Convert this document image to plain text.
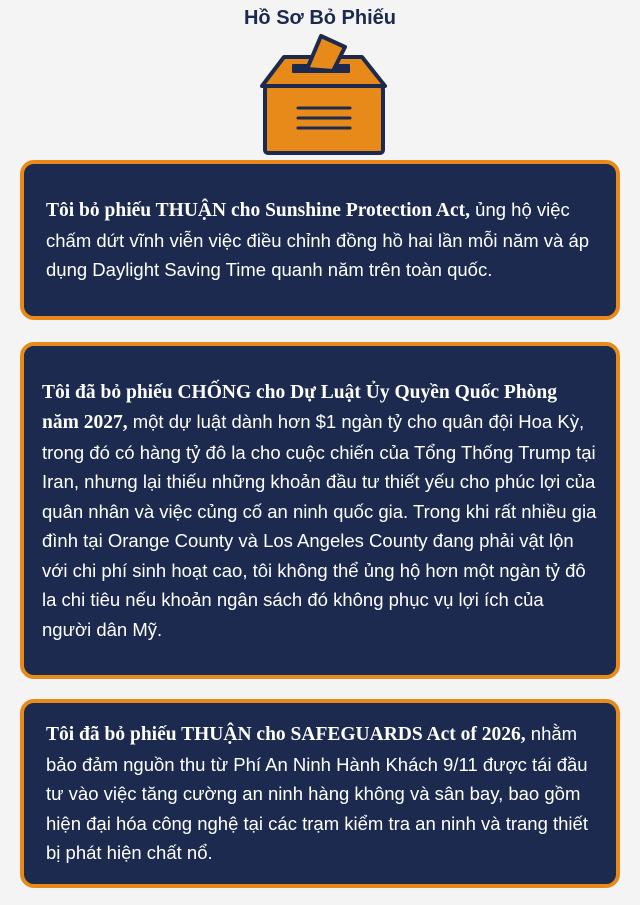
Hồ Sơ Bỏ Phiếu

Tôi bỏ phiếu THUẬN cho Sunshine Protection Act, ủng hộ việc chấm dứt vĩnh viễn việc điều chỉnh đồng hồ hai lần mỗi năm và áp dụng Daylight Saving Time quanh năm trên toàn quốc.

Tôi đã bỏ phiếu CHỐNG cho Dự Luật Ủy Quyền Quốc Phòng năm 2027, một dự luật dành hơn $1 ngàn tỷ cho quân đội Hoa Kỳ, trong đó có hàng tỷ đô la cho cuộc chiến của Tổng Thống Trump tại Iran, nhưng lại thiếu những khoản đầu tư thiết yếu cho phúc lợi của quân nhân và việc củng cố an ninh quốc gia. Trong khi rất nhiều gia đình tại Orange County và Los Angeles County đang phải vật lộn với chi phí sinh hoạt cao, tôi không thể ủng hộ hơn một ngàn tỷ đô la chi tiêu nếu khoản ngân sách đó không phục vụ lợi ích của người dân Mỹ.

Tôi đã bỏ phiếu THUẬN cho SAFEGUARDS Act of 2026, nhằm bảo đảm nguồn thu từ Phí An Ninh Hành Khách 9/11 được tái đầu tư vào việc tăng cường an ninh hàng không và sân bay, bao gồm hiện đại hóa công nghệ tại các trạm kiểm tra an ninh và trang thiết bị phát hiện chất nổ.
